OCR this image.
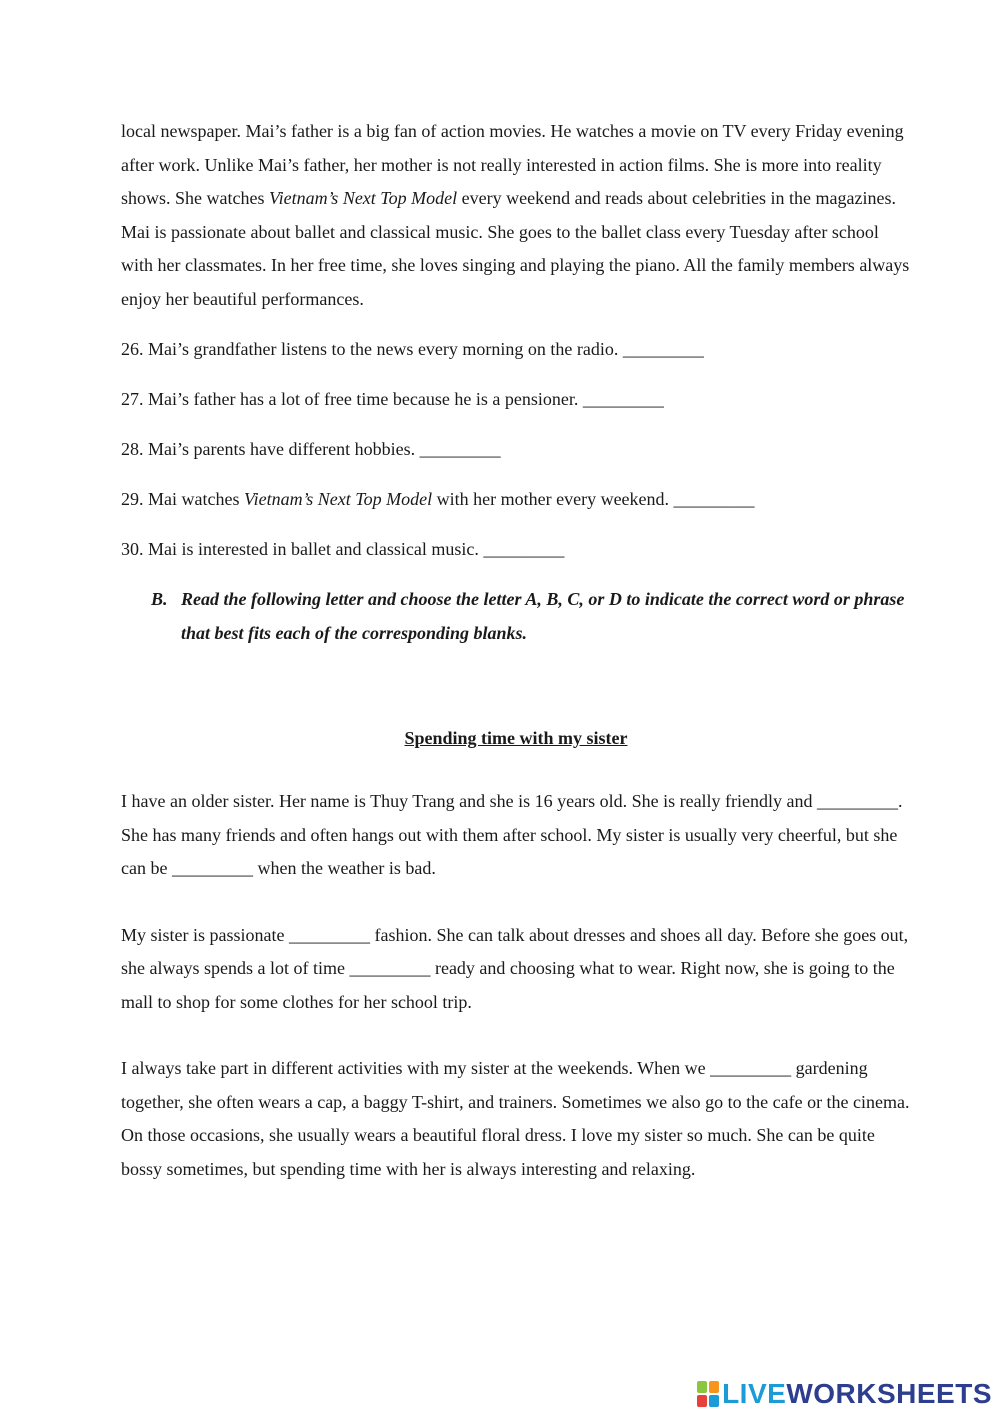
local newspaper. Mai’s father is a big fan of action movies. He watches a movie on TV every Friday evening after work. Unlike Mai’s father, her mother is not really interested in action films. She is more into reality shows. She watches Vietnam’s Next Top Model every weekend and reads about celebrities in the magazines. Mai is passionate about ballet and classical music. She goes to the ballet class every Tuesday after school with her classmates. In her free time, she loves singing and playing the piano. All the family members always enjoy her beautiful performances.

26. Mai’s grandfather listens to the news every morning on the radio. _________

27. Mai’s father has a lot of free time because he is a pensioner. _________

28. Mai’s parents have different hobbies. _________

29. Mai watches Vietnam’s Next Top Model with her mother every weekend. _________

30. Mai is interested in ballet and classical music. _________

B. Read the following letter and choose the letter A, B, C, or D to indicate the correct word or phrase that best fits each of the corresponding blanks.
Spending time with my sister

I have an older sister. Her name is Thuy Trang and she is 16 years old. She is really friendly and _________. She has many friends and often hangs out with them after school. My sister is usually very cheerful, but she can be _________ when the weather is bad.

My sister is passionate _________ fashion. She can talk about dresses and shoes all day. Before she goes out, she always spends a lot of time _________ ready and choosing what to wear. Right now, she is going to the mall to shop for some clothes for her school trip.

I always take part in different activities with my sister at the weekends. When we _________ gardening together, she often wears a cap, a baggy T-shirt, and trainers. Sometimes we also go to the cafe or the cinema. On those occasions, she usually wears a beautiful floral dress. I love my sister so much. She can be quite bossy sometimes, but spending time with her is always interesting and relaxing.

LIVEWORKSHEETS
